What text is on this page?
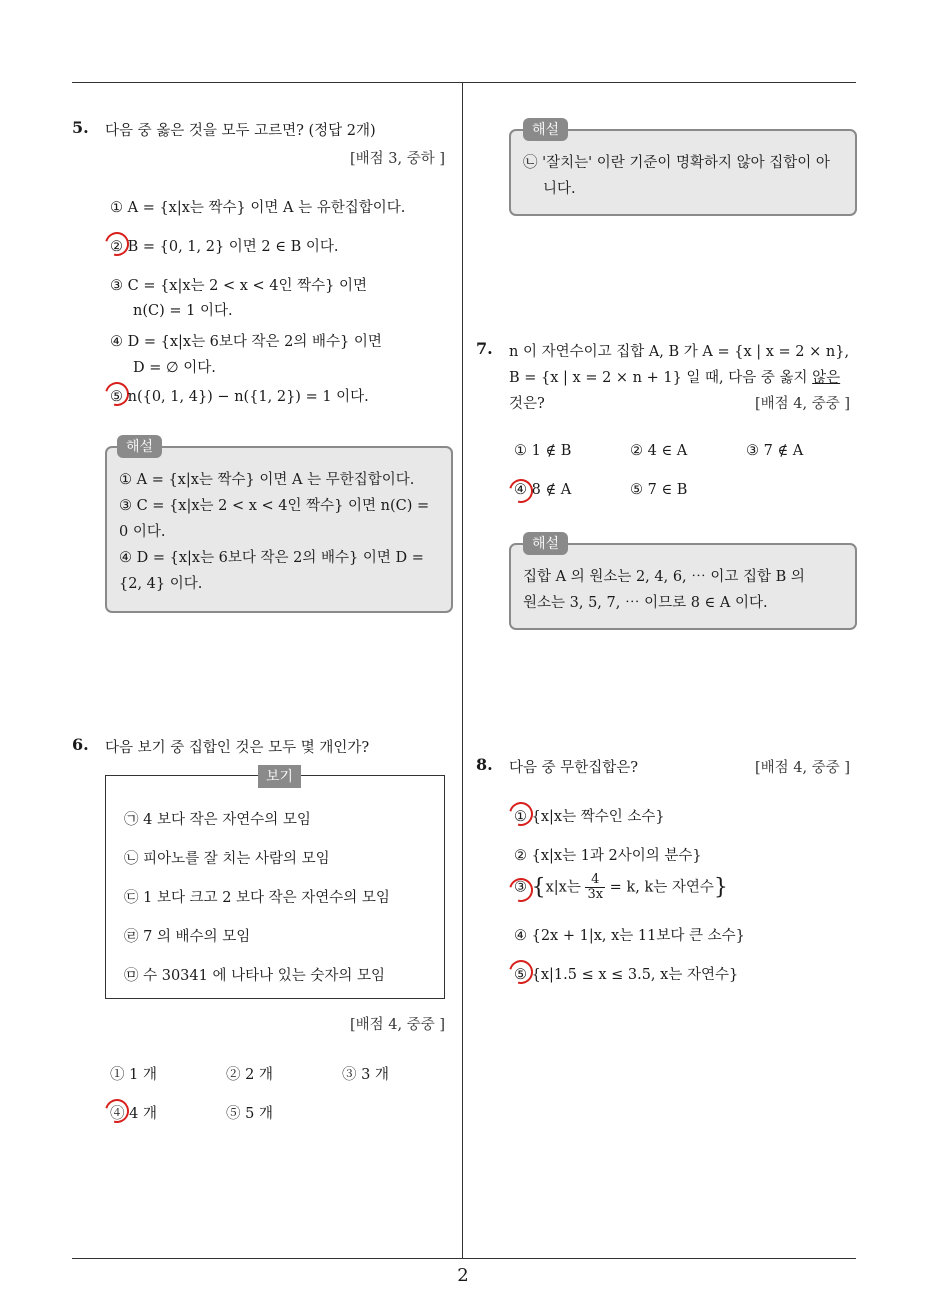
2
5. 다음 중 옳은 것을 모두 고르면? (정답 2개)
[배점 3, 중하 ]
① A = {x|x는 짝수} 이면 A 는 유한집합이다.
② B = {0, 1, 2} 이면 2 ∈ B 이다.
③ C = {x|x는 2 < x < 4인 짝수} 이면
n(C) = 1 이다.
④ D = {x|x는 6보다 작은 2의 배수} 이면
D = ∅ 이다.
⑤ n({0, 1, 4}) − n({1, 2}) = 1 이다.
해설
① A = {x|x는 짝수} 이면 A 는 무한집합이다.
③ C = {x|x는 2 < x < 4인 짝수} 이면 n(C) =
0 이다.
④ D = {x|x는 6보다 작은 2의 배수} 이면 D =
{2, 4} 이다.
6. 다음 보기 중 집합인 것은 모두 몇 개인가?
보기
㉠ 4 보다 작은 자연수의 모임
㉡ 피아노를 잘 치는 사람의 모임
㉢ 1 보다 크고 2 보다 작은 자연수의 모임
㉣ 7 의 배수의 모임
㉤ 수 30341 에 나타나 있는 숫자의 모임
[배점 4, 중중 ]
① 1 개	② 2 개	③ 3 개
④ 4 개	⑤ 5 개
해설
㉡ '잘치는' 이란 기준이 명확하지 않아 집합이 아
니다.
7. n 이 자연수이고 집합 A, B 가 A = {x | x = 2 × n},
B = {x | x = 2 × n + 1} 일 때, 다음 중 옳지 않은
것은?	[배점 4, 중중 ]
① 1 ∉ B	② 4 ∈ A	③ 7 ∉ A
④ 8 ∉ A	⑤ 7 ∈ B
해설
집합 A 의 원소는 2, 4, 6, ⋯ 이고 집합 B 의
원소는 3, 5, 7, ⋯ 이므로 8 ∈ A 이다.
8. 다음 중 무한집합은?	[배점 4, 중중 ]
① {x|x는 짝수인 소수}
② {x|x는 1과 2사이의 분수}
③ {x|x는 $\frac{4}{3x} = k$, k는 자연수}
④ {2x + 1|x, x는 11보다 큰 소수}
⑤ {x|1.5 ≤ x ≤ 3.5, x는 자연수}
